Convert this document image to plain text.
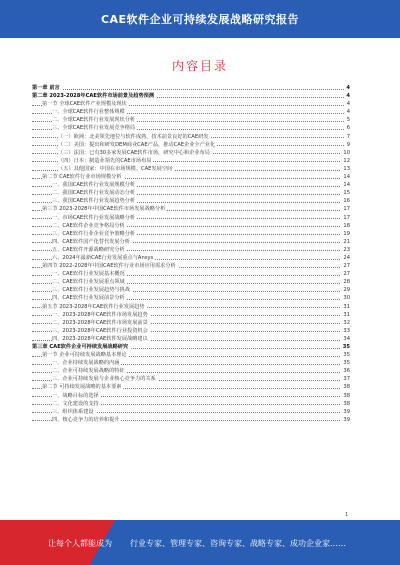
CAE软件企业可持续发展战略研究报告
内容目录
第一章 前言	4
第二章 2023-2028年CAE软件市场前景及趋势预测	4
第一节 全球CAE软件产业规模及现状	4
一、全球CAE软件行业整体规模	4
二、全球CAE软件行业发展现状分析	5
三、全球CAE软件行业发展竞争格局	6
（一）欧洲：北美领先地位与软件成熟，技术前景良好的CAE研发	7
（二）美国：提出和研发DEM商业CAE产品，推动CAE企业全产业化	9
（三）法国：已有30多家发展CAE软件市场，研究中心和企业布局	10
（四）日本：制造业领先的CAE市场布局	12
（五）其他国家：中国在市场规模、CAE发展空间	13
第二节 CAE软件行业市场规模分析	14
一、我国CAE软件行业发展规模分析	14
二、我国CAE软件行业发展动态分析	15
三、我国CAE软件行业发展趋势分析	16
第三节 2023-2028年中国CAE软件市场发展战略分析	17
一、市场CAE软件行业发展战略分析	17
二、CAE软件企业竞争格局分析	18
三、CAE软件行业企业竞争策略分析	19
四、CAE软件国产化替代发展分析	21
五、CAE软件开源战略研究分析	23
六、2024年最新CAE行业发展重点与Ansys	24
第四节 2022-2028年中国CAE软件行业市场应用需求分析	27
一、CAE软件行业发展基本概况	27
二、CAE软件行业发展重点领域	28
三、CAE软件行业发展趋势与挑战	29
四、CAE软件行业发展前景分析	30
第五节 2023-2028年CAE软件行业发展趋势	31
一、2023-2028年CAE软件市场发展趋势	31
二、2023-2028年CAE软件市场发展前景	32
三、2023-2028年CAE软件行业投资机会	33
四、2023-2028年CAE软件发展战略建议	34
第三章 CAE软件企业可持续发展战略研究	35
第一节 企业可持续发展战略基本理论	35
一、企业持续发展战略的内涵	35
二、企业可持续发展战略的特征	36
三、企业可持续发展与企业核心竞争力的关系	37
第二节 可持续发展战略的基本要素	38
一、战略目标的选择	38
二、文化建设的支持	38
三、组织体系建设	39
四、核心竞争力的培养和提升	39
1
让每个人都能成为 行业专家、管理专家、咨询专家、战略专家、成功企业家……
